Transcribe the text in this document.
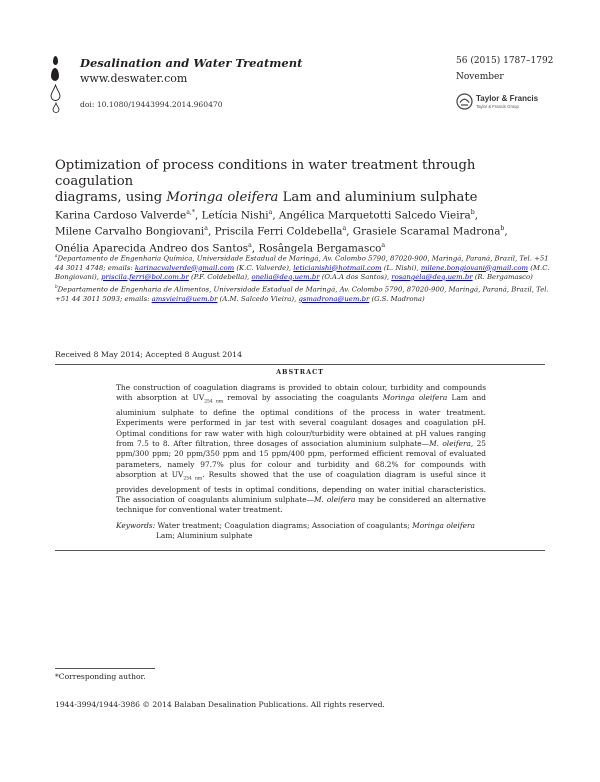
Desalination and Water Treatment
www.deswater.com
doi: 10.1080/19443994.2014.960470
56 (2015) 1787–1792
November
Taylor & Francis
Taylor & Francis Group
Optimization of process conditions in water treatment through coagulation
diagrams, using Moringa oleifera Lam and aluminium sulphate
Karina Cardoso Valverde$^{a,*}$, Letícia Nishi$^a$, Angélica Marquetotti Salcedo Vieira$^b$,
Milene Carvalho Bongiovani$^a$, Priscila Ferri Coldebella$^a$, Grasiele Scaramal Madrona$^b$,
Onélia Aparecida Andreo dos Santos$^a$, Rosângela Bergamasco$^a$
$^a$Departamento de Engenharia Química, Universidade Estadual de Maringá, Av. Colombo 5790, 87020-900, Maringá, Paraná, Brazil, Tel. +51 44 3011 4748; emails: karinacvalverde@gmail.com (K.C. Valverde), leticianishi@hotmail.com (L. Nishi), milene.bongiovani@gmail.com (M.C. Bongiovani), priscila.ferri@bol.com.br (P.F. Coldebella), onelia@deq.uem.br (O.A.A dos Santos), rosangela@deq.uem.br (R. Bergamasco)
$^b$Departamento de Engenharia de Alimentos, Universidade Estadual de Maringá, Av. Colombo 5790, 87020-900, Maringá, Paraná, Brazil, Tel. +51 44 3011 5093; emails: amsvieira@uem.br (A.M. Salcedo Vieira), gsmadrona@uem.br (G.S. Madrona)
Received 8 May 2014; Accepted 8 August 2014
ABSTRACT
The construction of coagulation diagrams is provided to obtain colour, turbidity and compounds with absorption at $UV_{254 nm}$ removal by associating the coagulants Moringa oleifera Lam and aluminium sulphate to define the optimal conditions of the process in water treatment. Experiments were performed in jar test with several coagulant dosages and coagulation pH. Optimal conditions for raw water with high colour/turbidity were obtained at pH values ranging from 7.5 to 8. After filtration, three dosages of association aluminium sulphate—M. oleifera, 25 ppm/300 ppm; 20 ppm/350 ppm and 15 ppm/400 ppm, performed efficient removal of evaluated parameters, namely 97.7% plus for colour and turbidity and 68.2% for compounds with absorption at $UV_{254 nm}$. Results showed that the use of coagulation diagram is useful since it provides development of tests in optimal conditions, depending on water initial characteristics. The association of coagulants aluminium sulphate—M. oleifera may be considered an alternative technique for conventional water treatment.
Keywords: Water treatment; Coagulation diagrams; Association of coagulants; Moringa oleifera
Lam; Aluminium sulphate
*Corresponding author.
1944-3994/1944-3986 © 2014 Balaban Desalination Publications. All rights reserved.
